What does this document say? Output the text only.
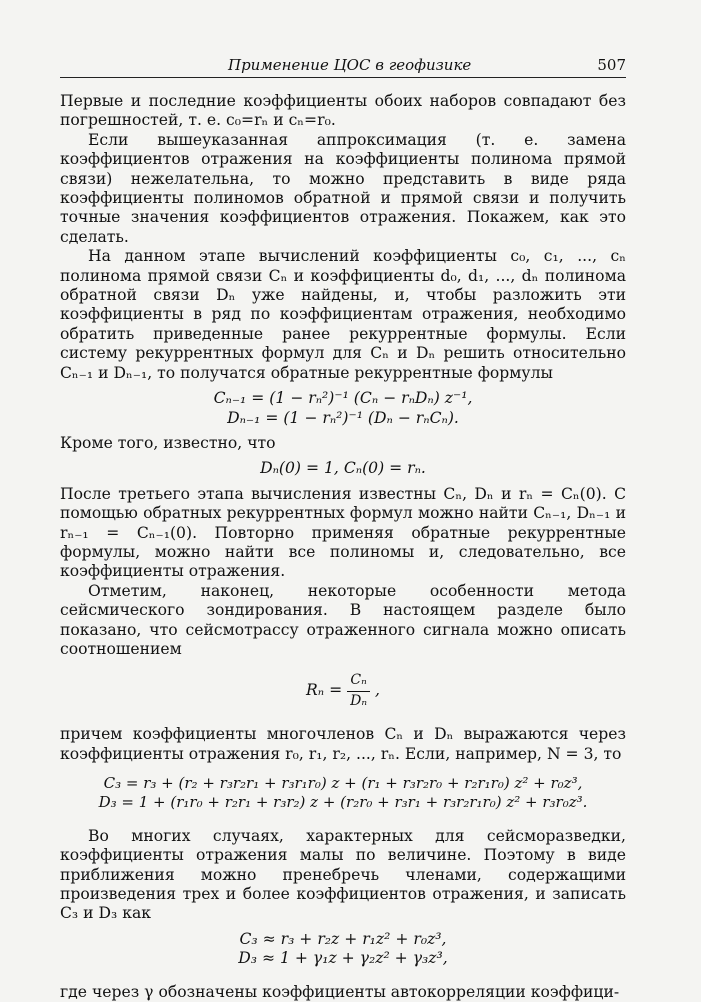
Применение ЦОС в геофизике	507

Первые и последние коэффициенты обоих наборов совпадают без погрешностей, т. е. c₀=rₙ и cₙ=r₀.

Если вышеуказанная аппроксимация (т. е. замена коэффициентов отражения на коэффициенты полинома прямой связи) нежелательна, то можно представить в виде ряда коэффициенты полиномов обратной и прямой связи и получить точные значения коэффициентов отражения. Покажем, как это сделать.

На данном этапе вычислений коэффициенты c₀, c₁, ..., cₙ полинома прямой связи Cₙ и коэффициенты d₀, d₁, ..., dₙ полинома обратной связи Dₙ уже найдены, и, чтобы разложить эти коэффициенты в ряд по коэффициентам отражения, необходимо обратить приведенные ранее рекуррентные формулы. Если систему рекуррентных формул для Cₙ и Dₙ решить относительно Cₙ₋₁ и Dₙ₋₁, то получатся обратные рекуррентные формулы

Cₙ₋₁ = (1 − rₙ²)⁻¹ (Cₙ − rₙDₙ) z⁻¹,
Dₙ₋₁ = (1 − rₙ²)⁻¹ (Dₙ − rₙCₙ).

Кроме того, известно, что

Dₙ(0) = 1, Cₙ(0) = rₙ.

После третьего этапа вычисления известны Cₙ, Dₙ и rₙ = Cₙ(0). С помощью обратных рекуррентных формул можно найти Cₙ₋₁, Dₙ₋₁ и rₙ₋₁ = Cₙ₋₁(0). Повторно применяя обратные рекуррентные формулы, можно найти все полиномы и, следовательно, все коэффициенты отражения.

Отметим, наконец, некоторые особенности метода сейсмического зондирования. В настоящем разделе было показано, что сейсмотрассу отраженного сигнала можно описать соотношением

$R_n = \frac{\text{Cₙ}}{\text{Dₙ}}$ ,

причем коэффициенты многочленов Cₙ и Dₙ выражаются через коэффициенты отражения r₀, r₁, r₂, ..., rₙ. Если, например, N = 3, то

C₃ = r₃ + (r₂ + r₃r₂r₁ + r₃r₁r₀) z + (r₁ + r₃r₂r₀ + r₂r₁r₀) z² + r₀z³,
D₃ = 1 + (r₁r₀ + r₂r₁ + r₃r₂) z + (r₂r₀ + r₃r₁ + r₃r₂r₁r₀) z² + r₃r₀z³.

Во многих случаях, характерных для сейсморазведки, коэффициенты отражения малы по величине. Поэтому в виде приближения можно пренебречь членами, содержащими произведения трех и более коэффициентов отражения, и записать C₃ и D₃ как

C₃ ≈ r₃ + r₂z + r₁z² + r₀z³,
D₃ ≈ 1 + γ₁z + γ₂z² + γ₃z³,

где через γ обозначены коэффициенты автокорреляции коэффици-
